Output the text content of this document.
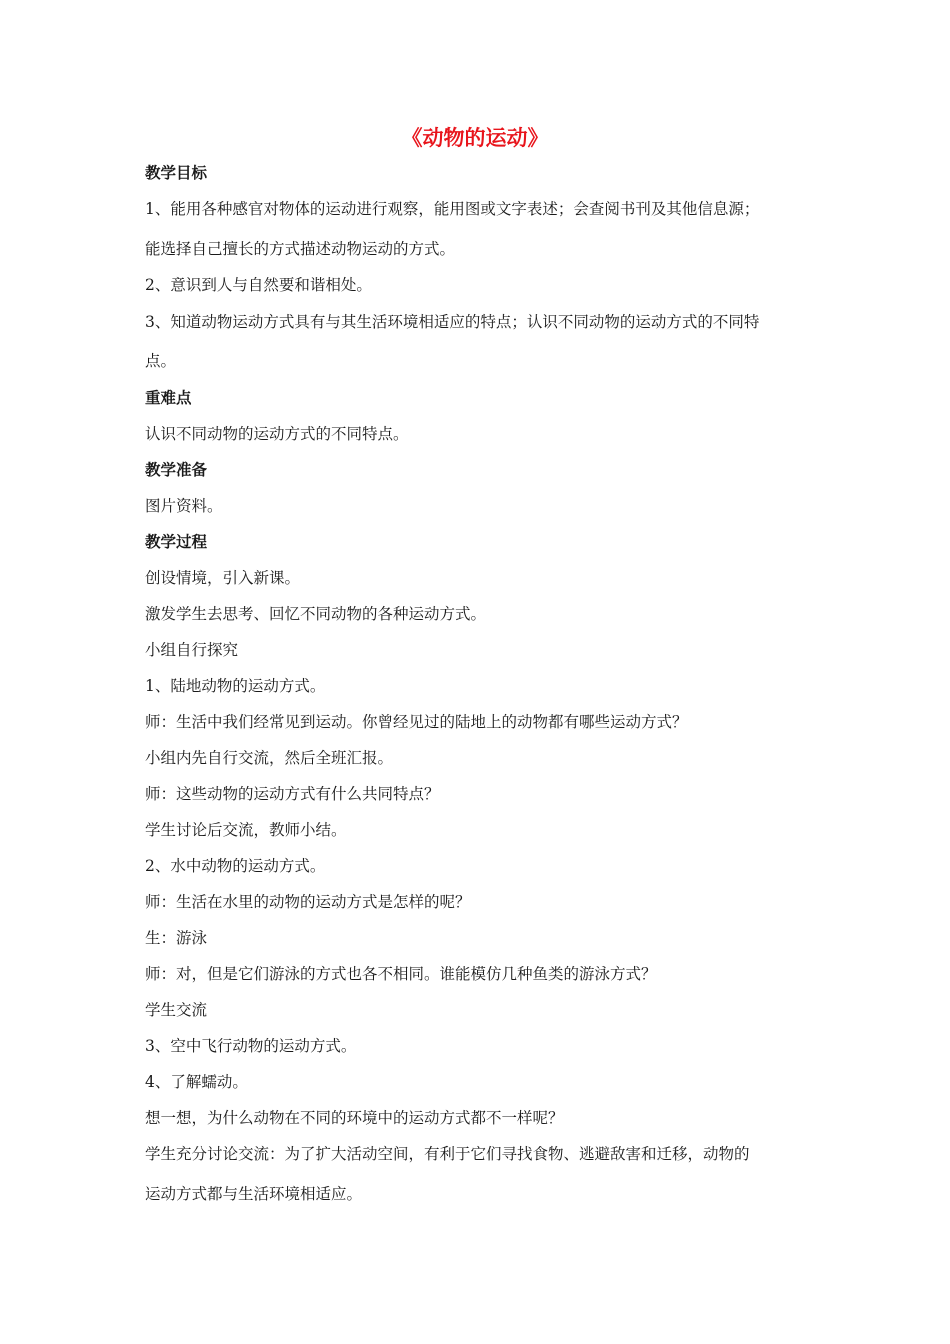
《动物的运动》
教学目标
1、能用各种感官对物体的运动进行观察，能用图或文字表述；会查阅书刊及其他信息源；
能选择自己擅长的方式描述动物运动的方式。
2、意识到人与自然要和谐相处。
3、知道动物运动方式具有与其生活环境相适应的特点；认识不同动物的运动方式的不同特
点。
重难点
认识不同动物的运动方式的不同特点。
教学准备
图片资料。
教学过程
创设情境，引入新课。
激发学生去思考、回忆不同动物的各种运动方式。
小组自行探究
1、陆地动物的运动方式。
师：生活中我们经常见到运动。你曾经见过的陆地上的动物都有哪些运动方式？
小组内先自行交流，然后全班汇报。
师：这些动物的运动方式有什么共同特点？
学生讨论后交流，教师小结。
2、水中动物的运动方式。
师：生活在水里的动物的运动方式是怎样的呢？
生：游泳
师：对，但是它们游泳的方式也各不相同。谁能模仿几种鱼类的游泳方式？
学生交流
3、空中飞行动物的运动方式。
4、了解蠕动。
想一想，为什么动物在不同的环境中的运动方式都不一样呢？
学生充分讨论交流：为了扩大活动空间，有利于它们寻找食物、逃避敌害和迁移，动物的
运动方式都与生活环境相适应。
